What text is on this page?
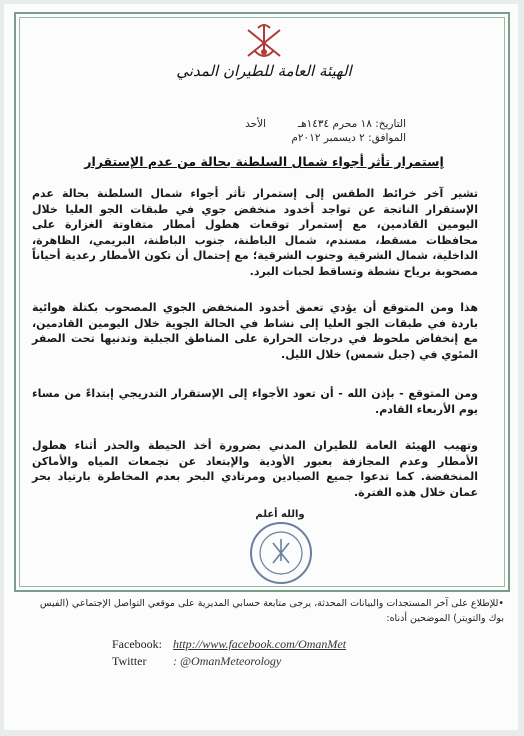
الهيئة العامة للطيران المدني
التاريخ: ١٨ محرم ١٤٣٤هـ
الأحد
الموافق: ٢ ديسمبر ٢٠١٢م
إستمرار تأثر أجواء شمال السلطنة بحالة من عدم الإستقرار
تشير آخر خرائط الطقس إلى إستمرار تأثر أجواء شمال السلطنة بحالة عدم الإستقرار الناتجة عن تواجد أخدود منخفض جوي في طبقات الجو العليا خلال اليومين القادمين، مع إستمرار توقعات هطول أمطار متفاوتة الغزارة على محافظات مسقط، مسندم، شمال الباطنة، جنوب الباطنة، البريمي، الظاهرة، الداخلية، شمال الشرقية وجنوب الشرقية؛ مع إحتمال أن تكون الأمطار رعدية أحياناً مصحوبة برياح نشطة وتساقط لحبات البرد.
هذا ومن المتوقع أن يؤدي تعمق أخدود المنخفض الجوي المصحوب بكتلة هوائية باردة في طبقات الجو العليا إلى نشاط في الحالة الجوية خلال اليومين القادمين، مع إنخفاض ملحوظ في درجات الحرارة على المناطق الجبلية وتدنيها تحت الصفر المئوي في (جبل شمس) خلال الليل.
ومن المتوقع - بإذن الله - أن تعود الأجواء إلى الإستقرار التدريجي إبتداءً من مساء يوم الأربعاء القادم.
وتهيب الهيئة العامة للطيران المدني بضرورة أخذ الحيطة والحذر أثناء هطول الأمطار وعدم المجازفة بعبور الأودية والإبتعاد عن تجمعات المياه والأماكن المنخفضة. كما تدعوا جميع الصيادين ومرتادي البحر بعدم المخاطرة بارتياد بحر عمان خلال هذه الفترة.
والله أعلم
•للإطلاع على آخر المستجدات والبيانات المحدثة، يرجى متابعة حسابي المديرية على موقعي التواصل الإجتماعي (الفيس بوك والتويتر) الموضحين أدناه:
Facebook: http://www.facebook.com/OmanMet
Twitter : @OmanMeteorology
